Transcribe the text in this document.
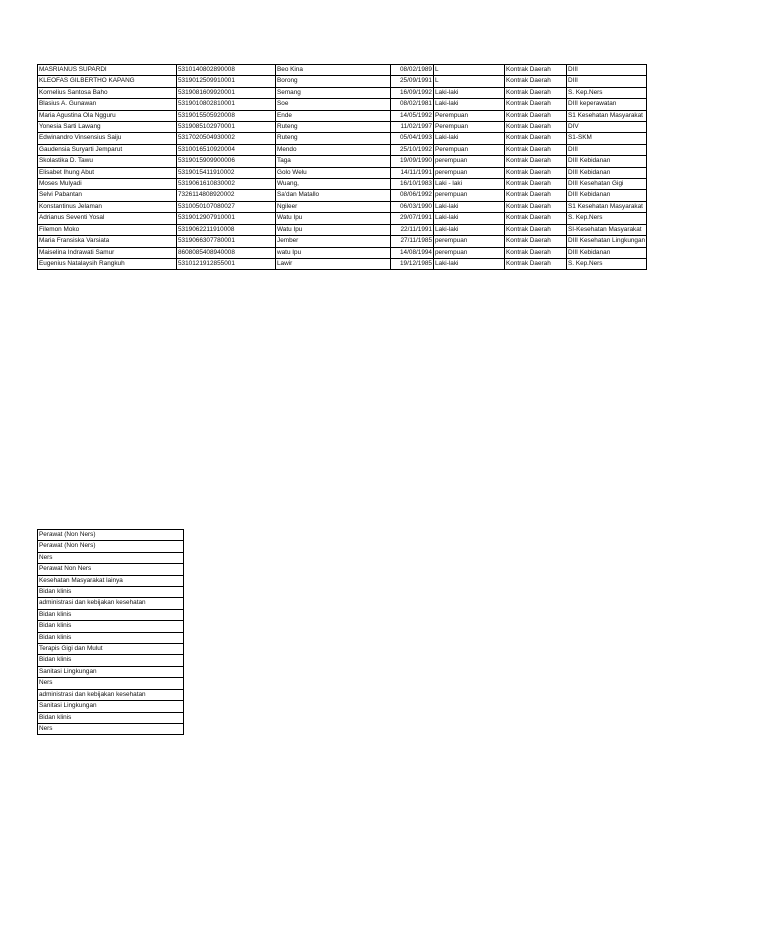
MASRIANUS SUPARDI	5310140802890008	Beo Kina	08/02/1989	L	Kontrak Daerah	DIII
KLEOFAS GILBERTHO KAPANG	5319012509910001	Borong	25/09/1991	L	Kontrak Daerah	DIII
Kornelius Santosa Baho	5319081609920001	Semang	16/09/1992	Laki-laki	Kontrak Daerah	S. Kep.Ners
Blasius A. Gunawan	5319010802810001	Soe	08/02/1981	Laki-laki	Kontrak Daerah	DIII keperawatan
Maria Agustina Ola Ngguru	5319015505920008	Ende	14/05/1992	Perempuan	Kontrak Daerah	S1 Kesehatan Masyarakat
Yonesia Sarti Lawang	5319085102970001	Ruteng	11/02/1997	Perempuan	Kontrak Daerah	DIV
Edwinandro Vinsensius Saiju	5317020504930002	Ruteng	05/04/1993	Laki-laki	Kontrak Daerah	S1-SKM
Gaudensia Suryarti Jemparut	5310016510920004	Mendo	25/10/1992	Perempuan	Kontrak Daerah	DIII
Skolastika D. Tawu	5319015909900006	Taga	19/09/1990	perempuan	Kontrak Daerah	DIII Kebidanan
Elisabet Ihung Abut	5319015411910002	Golo Welu	14/11/1991	perempuan	Kontrak Daerah	DIII Kebidanan
Moses Mulyadi	5319061610830002	Wuang,	16/10/1983	Laki - laki	Kontrak Daerah	DIII Kesehatan Gigi
Selvi Pabantan	7326114808920002	Sa'dan Matallo	08/06/1992	perempuan	Kontrak Daerah	DIII Kebidanan
Konstantinus Jelaman	5310050107080027	Ngileer	06/03/1990	Laki-laki	Kontrak Daerah	S1 Kesehatan Masyarakat
Adrianus Seventi Yosal	5319012907910001	Watu Ipu	29/07/1991	Laki-laki	Kontrak Daerah	S. Kep.Ners
Filemon Moko	5319062211910008	Watu Ipu	22/11/1991	Laki-laki	Kontrak Daerah	SI-Kesehatan Masyarakat
Maria Fransiska Varsiata	5319066307780001	Jember	27/11/1985	perempuan	Kontrak Daerah	DIII Kesehatan Lingkungan
Maiselina Indrawati Samur	8608085408940008	watu Ipu	14/08/1994	perempuan	Kontrak Daerah	DIII Kebidanan
Eugenius Natalaysih Rangkuh	5310121912855001	Lawir	19/12/1985	Laki-laki	Kontrak Daerah	S. Kep.Ners
Perawat (Non Ners)
Perawat (Non Ners)
Ners
Perawat Non Ners
Kesehatan Masyarakat lainya
Bidan klinis
administrasi dan kebijakan kesehatan
Bidan klinis
Bidan klinis
Bidan klinis
Terapis Gigi dan Mulut
Bidan klinis
Sanitasi Lingkungan
Ners
administrasi dan kebijakan kesehatan
Sanitasi Lingkungan
Bidan klinis
Ners
